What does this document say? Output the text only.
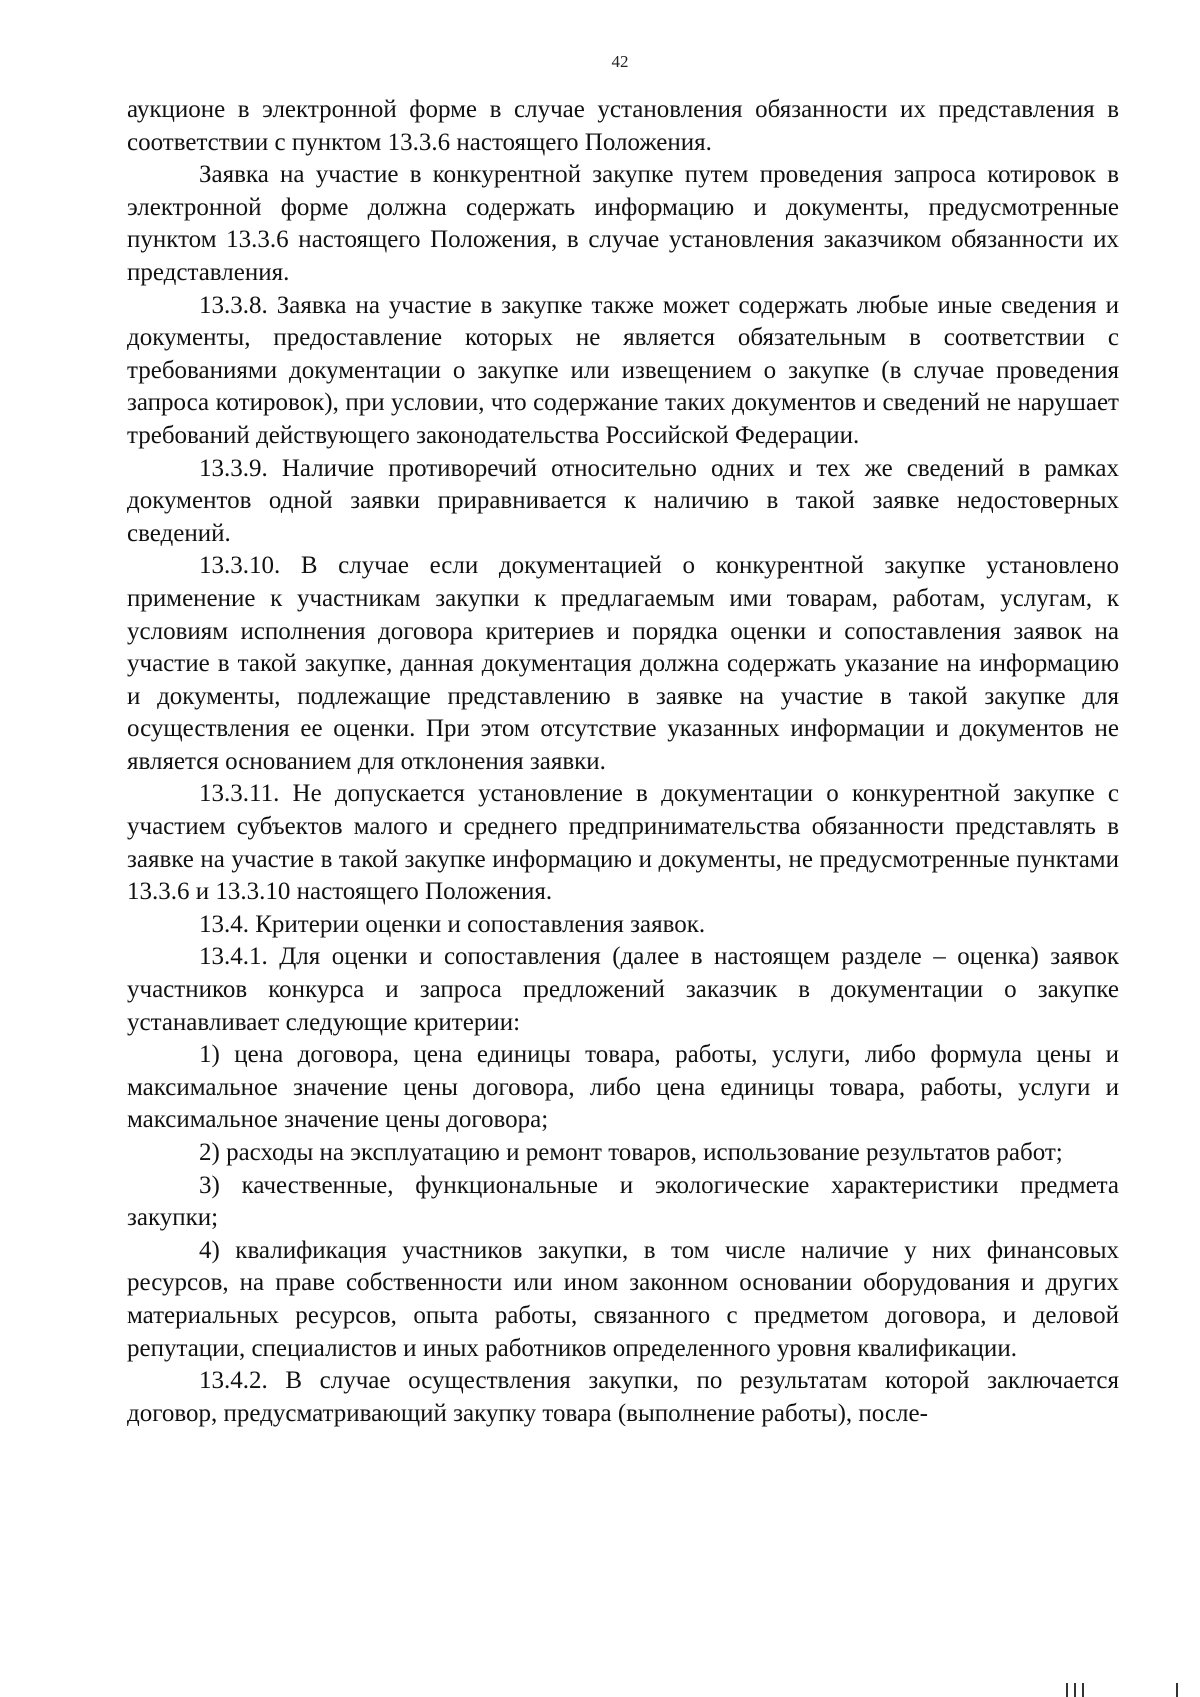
42

аукционе в электронной форме в случае установления обязанности их представления в соответствии с пунктом 13.3.6 настоящего Положения.

Заявка на участие в конкурентной закупке путем проведения запроса котировок в электронной форме должна содержать информацию и документы, предусмотренные пунктом 13.3.6 настоящего Положения, в случае установления заказчиком обязанности их представления.

13.3.8. Заявка на участие в закупке также может содержать любые иные сведения и документы, предоставление которых не является обязательным в соответствии с требованиями документации о закупке или извещением о закупке (в случае проведения запроса котировок), при условии, что содержание таких документов и сведений не нарушает требований действующего законодательства Российской Федерации.

13.3.9. Наличие противоречий относительно одних и тех же сведений в рамках документов одной заявки приравнивается к наличию в такой заявке недостоверных сведений.

13.3.10. В случае если документацией о конкурентной закупке установлено применение к участникам закупки к предлагаемым ими товарам, работам, услугам, к условиям исполнения договора критериев и порядка оценки и сопоставления заявок на участие в такой закупке, данная документация должна содержать указание на информацию и документы, подлежащие представлению в заявке на участие в такой закупке для осуществления ее оценки. При этом отсутствие указанных информации и документов не является основанием для отклонения заявки.

13.3.11. Не допускается установление в документации о конкурентной закупке с участием субъектов малого и среднего предпринимательства обязанности представлять в заявке на участие в такой закупке информацию и документы, не предусмотренные пунктами 13.3.6 и 13.3.10 настоящего Положения.

13.4. Критерии оценки и сопоставления заявок.

13.4.1. Для оценки и сопоставления (далее в настоящем разделе – оценка) заявок участников конкурса и запроса предложений заказчик в документации о закупке устанавливает следующие критерии:

1) цена договора, цена единицы товара, работы, услуги, либо формула цены и максимальное значение цены договора, либо цена единицы товара, работы, услуги и максимальное значение цены договора;

2) расходы на эксплуатацию и ремонт товаров, использование результатов работ;

3) качественные, функциональные и экологические характеристики предмета закупки;

4) квалификация участников закупки, в том числе наличие у них финансовых ресурсов, на праве собственности или ином законном основании оборудования и других материальных ресурсов, опыта работы, связанного с предметом договора, и деловой репутации, специалистов и иных работников определенного уровня квалификации.

13.4.2. В случае осуществления закупки, по результатам которой заключается договор, предусматривающий закупку товара (выполнение работы), после-
